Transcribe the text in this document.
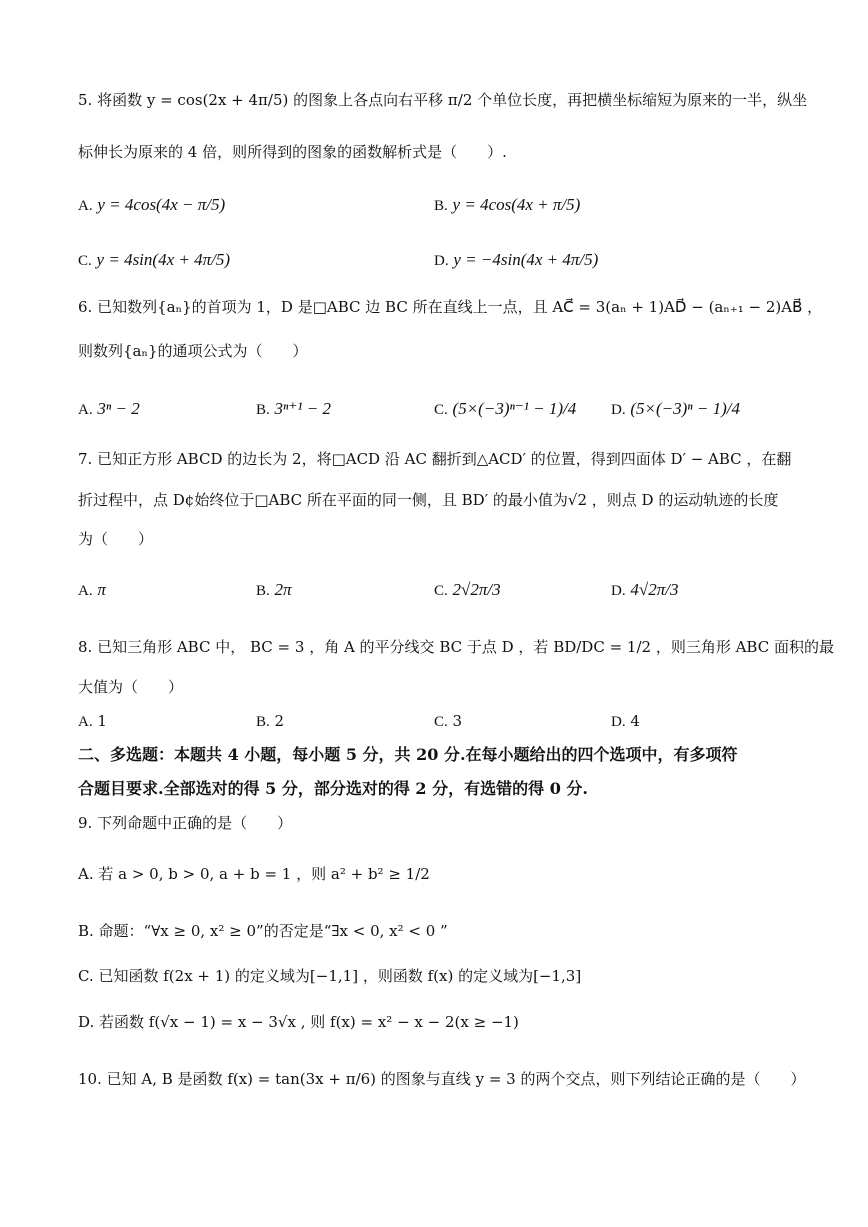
5. 将函数 y = cos(2x + 4π/5) 的图象上各点向右平移 π/2 个单位长度，再把横坐标缩短为原来的一半，纵坐
标伸长为原来的 4 倍，则所得到的图象的函数解析式是（　　）.
A. y = 4cos(4x − π/5)	B. y = 4cos(4x + π/5)
C. y = 4sin(4x + 4π/5)	D. y = −4sin(4x + 4π/5)
6. 已知数列{aₙ}的首项为 1，D 是□ABC 边 BC 所在直线上一点，且 AC⃗ = 3(aₙ + 1)AD⃗ − (aₙ₊₁ − 2)AB⃗ ，
则数列{aₙ}的通项公式为（　　）
A. 3ⁿ − 2	B. 3ⁿ⁺¹ − 2	C. (5×(−3)ⁿ⁻¹ − 1)/4 D. (5×(−3)ⁿ − 1)/4
7. 已知正方形 ABCD 的边长为 2，将□ACD 沿 AC 翻折到△ACD′ 的位置，得到四面体 D′ − ABC ，在翻
折过程中，点 D¢始终位于□ABC 所在平面的同一侧，且 BD′ 的最小值为√2 ，则点 D 的运动轨迹的长度
为（　　）
A. π	B. 2π	C. 2√2π/3	D. 4√2π/3
8. 已知三角形 ABC 中， BC = 3 ，角 A 的平分线交 BC 于点 D ，若 BD/DC = 1/2 ，则三角形 ABC 面积的最
大值为（　　）
A. 1	B. 2	C. 3	D. 4
二、多选题：本题共 4 小题，每小题 5 分，共 20 分.在每小题给出的四个选项中，有多项符
合题目要求.全部选对的得 5 分，部分选对的得 2 分，有选错的得 0 分.
9. 下列命题中正确的是（　　）
A. 若 a > 0, b > 0, a + b = 1 ，则 a² + b² ≥ 1/2
B. 命题：“∀x ≥ 0, x² ≥ 0”的否定是“∃x < 0, x² < 0 ”
C. 已知函数 f(2x + 1) 的定义域为[−1,1] ，则函数 f(x) 的定义域为[−1,3]
D. 若函数 f(√x − 1) = x − 3√x , 则 f(x) = x² − x − 2(x ≥ −1)
10. 已知 A, B 是函数 f(x) = tan(3x + π/6) 的图象与直线 y = 3 的两个交点，则下列结论正确的是（　　）
